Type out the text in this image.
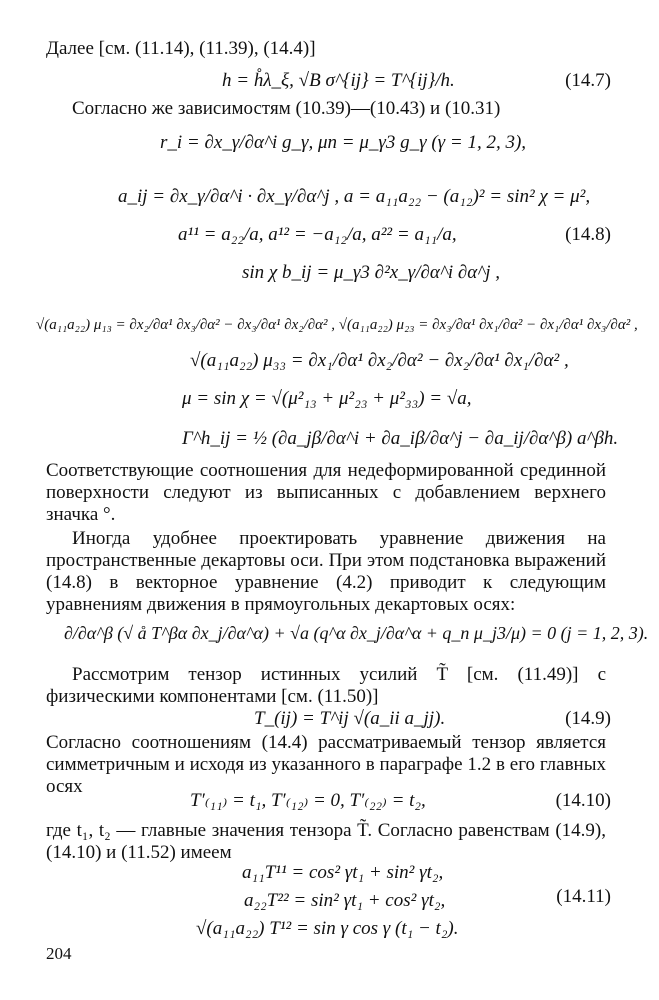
Далее [см. (11.14), (11.39), (14.4)]
h = h̊λ_ξ, √B σ^{ij} = T^{ij}/h.	(14.7)
Согласно же зависимостям (10.39)—(10.43) и (10.31)
r_i = ∂x_γ/∂α^i g_γ, μn = μ_γ3 g_γ (γ = 1, 2, 3),
a_ij = ∂x_γ/∂α^i · ∂x_γ/∂α^j , a = a₁₁a₂₂ − (a₁₂)² = sin² χ = μ²,
a¹¹ = a₂₂/a, a¹² = −a₁₂/a, a²² = a₁₁/a,	(14.8)
sin χ b_ij = μ_γ3 ∂²x_γ/∂α^i ∂α^j ,
√(a₁₁a₂₂) μ₁₃ = ∂x₂/∂α¹ ∂x₃/∂α² − ∂x₃/∂α¹ ∂x₂/∂α² , √(a₁₁a₂₂) μ₂₃ = ∂x₃/∂α¹ ∂x₁/∂α² − ∂x₁/∂α¹ ∂x₃/∂α² ,
√(a₁₁a₂₂) μ₃₃ = ∂x₁/∂α¹ ∂x₂/∂α² − ∂x₂/∂α¹ ∂x₁/∂α² ,
μ = sin χ = √(μ²₁₃ + μ²₂₃ + μ²₃₃) = √a,
Γ^h_ij = ½ (∂a_jβ/∂α^i + ∂a_iβ/∂α^j − ∂a_ij/∂α^β) a^βh.
Соответствующие соотношения для недеформированной срединной поверхности следуют из выписанных с добавлением верхнего значка °.
Иногда удобнее проектировать уравнение движения на пространственные декартовы оси. При этом подстановка выражений (14.8) в векторное уравнение (4.2) приводит к следующим уравнениям движения в прямоугольных декартовых осях:
∂/∂α^β (√ å T^βα ∂x_j/∂α^α) + √a (q^α ∂x_j/∂α^α + q_n μ_j3/μ) = 0 (j = 1, 2, 3).
Рассмотрим тензор истинных усилий T̃ [см. (11.49)] с физическими компонентами [см. (11.50)]
T_(ij) = T^ij √(a_ii a_jj).	(14.9)
Согласно соотношениям (14.4) рассматриваемый тензор является симметричным и исходя из указанного в параграфе 1.2 в его главных осях
T′₍₁₁₎ = t₁, T′₍₁₂₎ = 0, T′₍₂₂₎ = t₂,	(14.10)
где t₁, t₂ — главные значения тензора T̃. Согласно равенствам (14.9), (14.10) и (11.52) имеем
a₁₁T¹¹ = cos² γt₁ + sin² γt₂,
a₂₂T²² = sin² γt₁ + cos² γt₂,	(14.11)
√(a₁₁a₂₂) T¹² = sin γ cos γ (t₁ − t₂).
204
